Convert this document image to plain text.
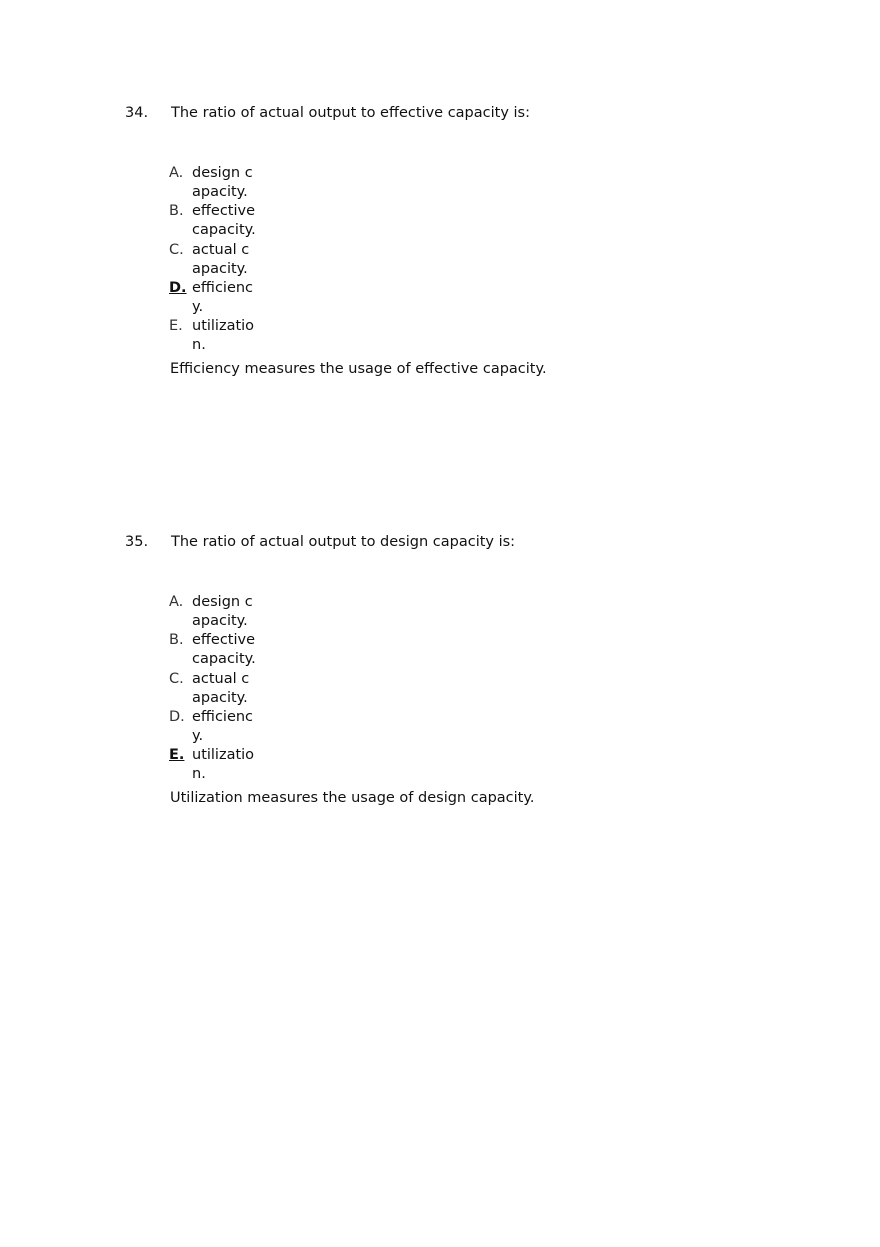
34. The ratio of actual output to effective capacity is:
A. design capacity.
B. effective capacity.
C. actual capacity.
D. efficiency.
E. utilization.
Efficiency measures the usage of effective capacity.
35. The ratio of actual output to design capacity is:
A. design capacity.
B. effective capacity.
C. actual capacity.
D. efficiency.
E. utilization.
Utilization measures the usage of design capacity.
